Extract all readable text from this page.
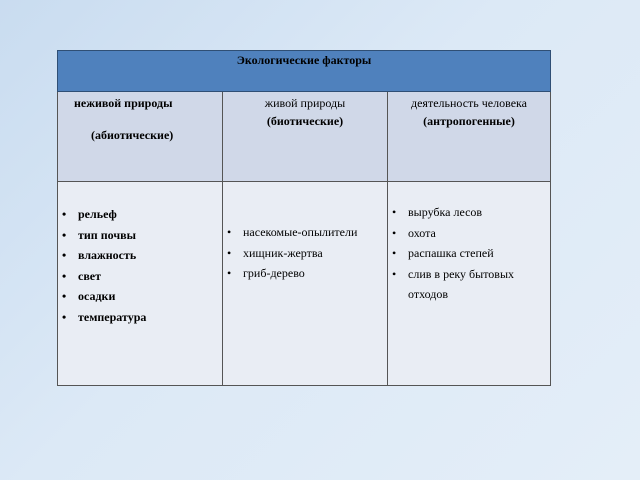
Экологические факторы
неживой природы
(абиотические)
живой природы
(биотические)
деятельность человека
(антропогенные)
• рельеф
• тип почвы
• влажность
• свет
• осадки
• температура
• насекомые-опылители
• хищник-жертва
• гриб-дерево
• вырубка лесов
• охота
• распашка степей
• слив в реку бытовых отходов
